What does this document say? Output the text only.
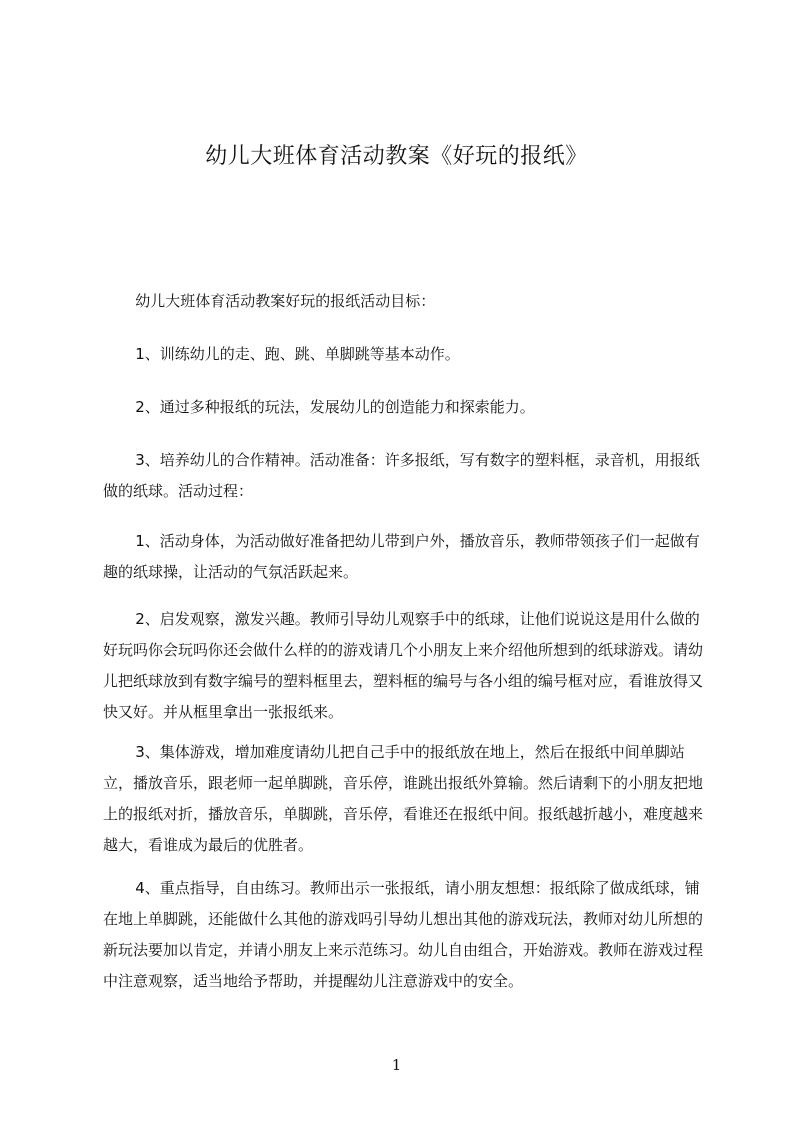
幼儿大班体育活动教案《好玩的报纸》

幼儿大班体育活动教案好玩的报纸活动目标：

1、训练幼儿的走、跑、跳、单脚跳等基本动作。

2、通过多种报纸的玩法，发展幼儿的创造能力和探索能力。

3、培养幼儿的合作精神。活动准备：许多报纸，写有数字的塑料框，录音机，用报纸做的纸球。活动过程：

1、活动身体，为活动做好准备把幼儿带到户外，播放音乐，教师带领孩子们一起做有趣的纸球操，让活动的气氛活跃起来。

2、启发观察，激发兴趣。教师引导幼儿观察手中的纸球，让他们说说这是用什么做的好玩吗你会玩吗你还会做什么样的的游戏请几个小朋友上来介绍他所想到的纸球游戏。请幼儿把纸球放到有数字编号的塑料框里去，塑料框的编号与各小组的编号框对应，看谁放得又快又好。并从框里拿出一张报纸来。

3、集体游戏，增加难度请幼儿把自己手中的报纸放在地上，然后在报纸中间单脚站立，播放音乐，跟老师一起单脚跳，音乐停，谁跳出报纸外算输。然后请剩下的小朋友把地上的报纸对折，播放音乐，单脚跳，音乐停，看谁还在报纸中间。报纸越折越小，难度越来越大，看谁成为最后的优胜者。

4、重点指导，自由练习。教师出示一张报纸，请小朋友想想：报纸除了做成纸球，铺在地上单脚跳，还能做什么其他的游戏吗引导幼儿想出其他的游戏玩法，教师对幼儿所想的新玩法要加以肯定，并请小朋友上来示范练习。幼儿自由组合，开始游戏。教师在游戏过程中注意观察，适当地给予帮助，并提醒幼儿注意游戏中的安全。

1
